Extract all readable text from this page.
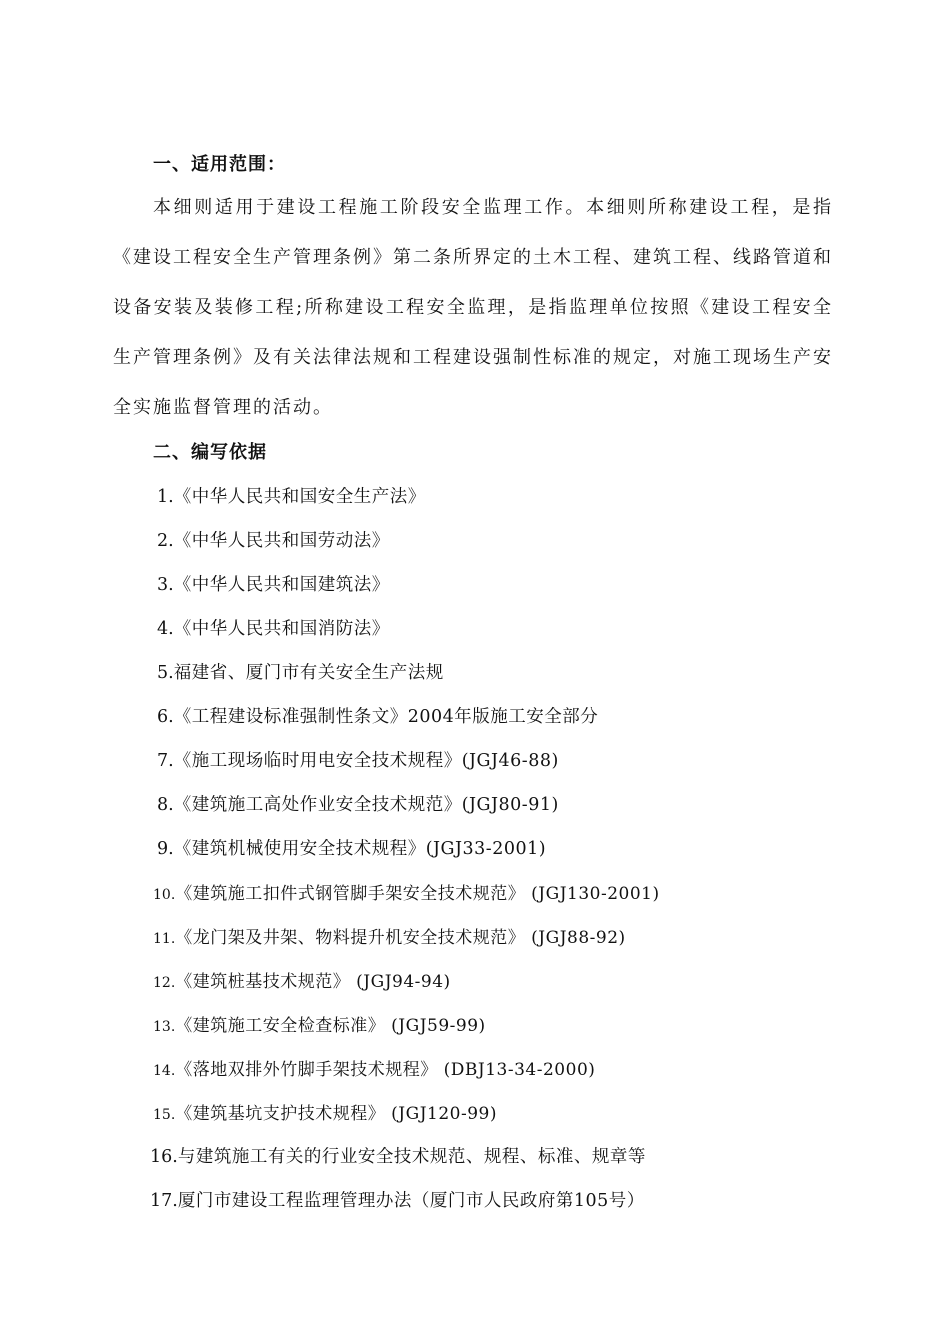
一、适用范围：
本细则适用于建设工程施工阶段安全监理工作。本细则所称建设工程，是指《建设工程安全生产管理条例》第二条所界定的土木工程、建筑工程、线路管道和设备安装及装修工程;所称建设工程安全监理，是指监理单位按照《建设工程安全生产管理条例》及有关法律法规和工程建设强制性标准的规定，对施工现场生产安全实施监督管理的活动。
二、编写依据
1.《中华人民共和国安全生产法》
2.《中华人民共和国劳动法》
3.《中华人民共和国建筑法》
4.《中华人民共和国消防法》
5.福建省、厦门市有关安全生产法规
6.《工程建设标准强制性条文》2004年版施工安全部分
7.《施工现场临时用电安全技术规程》(JGJ46-88)
8.《建筑施工高处作业安全技术规范》(JGJ80-91)
9.《建筑机械使用安全技术规程》(JGJ33-2001)
10.《建筑施工扣件式钢管脚手架安全技术规范》 (JGJ130-2001)
11.《龙门架及井架、物料提升机安全技术规范》 (JGJ88-92)
12.《建筑桩基技术规范》 (JGJ94-94)
13.《建筑施工安全检查标准》 (JGJ59-99)
14.《落地双排外竹脚手架技术规程》 (DBJ13-34-2000)
15.《建筑基坑支护技术规程》 (JGJ120-99)
16.与建筑施工有关的行业安全技术规范、规程、标准、规章等
17.厦门市建设工程监理管理办法（厦门市人民政府第105号）
